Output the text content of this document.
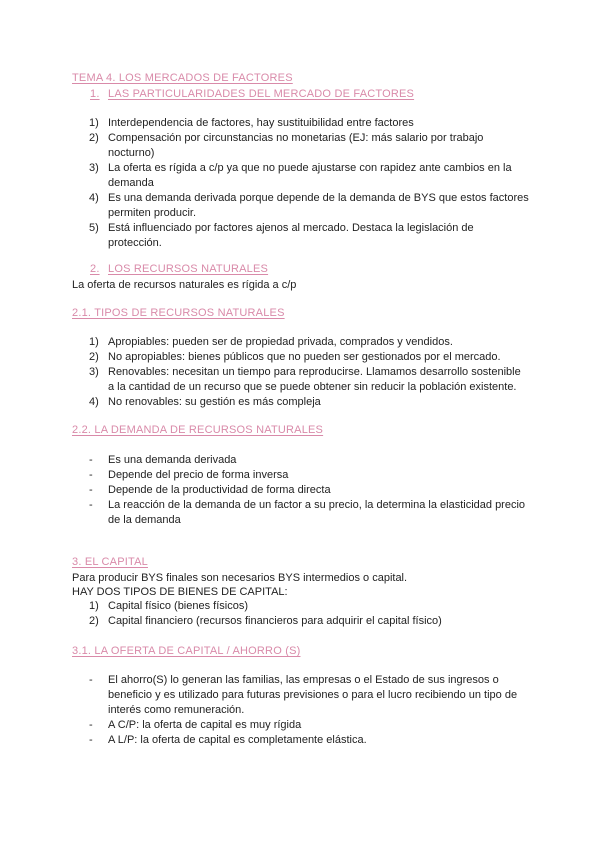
TEMA 4. LOS MERCADOS DE FACTORES
1. LAS PARTICULARIDADES DEL MERCADO DE FACTORES
1) Interdependencia de factores, hay sustituibilidad entre factores
2) Compensación por circunstancias no monetarias (EJ: más salario por trabajo nocturno)
3) La oferta es rígida a c/p ya que no puede ajustarse con rapidez ante cambios en la demanda
4) Es una demanda derivada porque depende de la demanda de BYS que estos factores permiten producir.
5) Está influenciado por factores ajenos al mercado. Destaca la legislación de protección.
2. LOS RECURSOS NATURALES
La oferta de recursos naturales es rígida a c/p
2.1. TIPOS DE RECURSOS NATURALES
1) Apropiables: pueden ser de propiedad privada, comprados y vendidos.
2) No apropiables: bienes públicos que no pueden ser gestionados por el mercado.
3) Renovables: necesitan un tiempo para reproducirse. Llamamos desarrollo sostenible a la cantidad de un recurso que se puede obtener sin reducir la población existente.
4) No renovables: su gestión es más compleja
2.2. LA DEMANDA DE RECURSOS NATURALES
- Es una demanda derivada
- Depende del precio de forma inversa
- Depende de la productividad de forma directa
- La reacción de la demanda de un factor a su precio, la determina la elasticidad precio de la demanda
3. EL CAPITAL
Para producir BYS finales son necesarios BYS intermedios o capital.
HAY DOS TIPOS DE BIENES DE CAPITAL:
1) Capital físico (bienes físicos)
2) Capital financiero (recursos financieros para adquirir el capital físico)
3.1. LA OFERTA DE CAPITAL / AHORRO (S)
- El ahorro(S) lo generan las familias, las empresas o el Estado de sus ingresos o beneficio y es utilizado para futuras previsiones o para el lucro recibiendo un tipo de interés como remuneración.
- A C/P: la oferta de capital es muy rígida
- A L/P: la oferta de capital es completamente elástica.
